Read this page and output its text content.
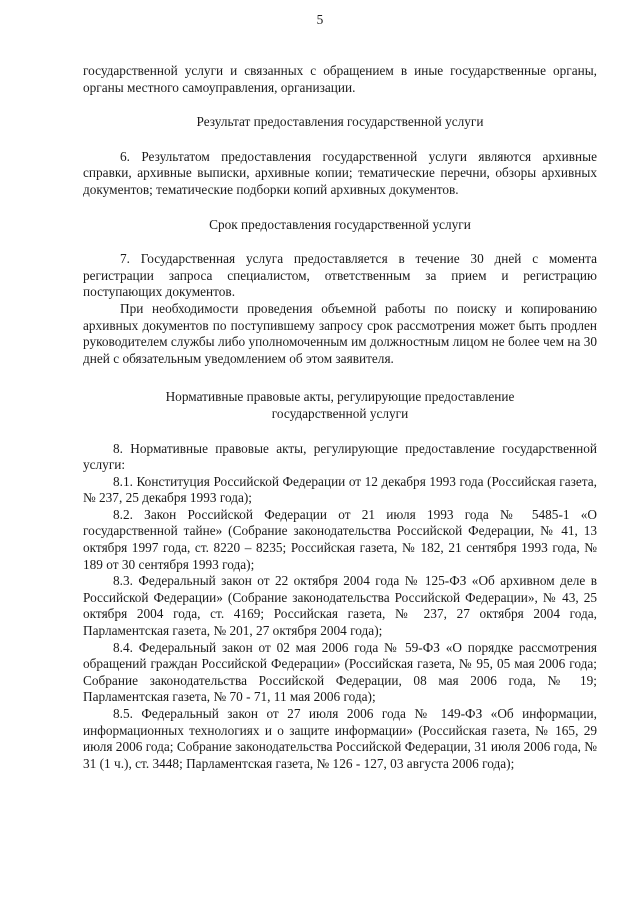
5

государственной услуги и связанных с обращением в иные государственные органы, органы местного самоуправления, организации.

Результат предоставления государственной услуги

6. Результатом предоставления государственной услуги являются архивные справки, архивные выписки, архивные копии; тематические перечни, обзоры архивных документов; тематические подборки копий архивных документов.

Срок предоставления государственной услуги

7. Государственная услуга предоставляется в течение 30 дней с момента регистрации запроса специалистом, ответственным за прием и регистрацию поступающих документов.

При необходимости проведения объемной работы по поиску и копированию архивных документов по поступившему запросу срок рассмотрения может быть продлен руководителем службы либо уполномоченным им должностным лицом не более чем на 30 дней с обязательным уведомлением об этом заявителя.

Нормативные правовые акты, регулирующие предоставление

государственной услуги

8. Нормативные правовые акты, регулирующие предоставление государственной услуги:

8.1. Конституция Российской Федерации от 12 декабря 1993 года (Российская газета, № 237, 25 декабря 1993 года);

8.2. Закон Российской Федерации от 21 июля 1993 года № 5485-1 «О государственной тайне» (Собрание законодательства Российской Федерации, № 41, 13 октября 1997 года, ст. 8220 – 8235; Российская газета, № 182, 21 сентября 1993 года, № 189 от 30 сентября 1993 года);

8.3. Федеральный закон от 22 октября 2004 года № 125-ФЗ «Об архивном деле в Российской Федерации» (Собрание законодательства Российской Федерации», № 43, 25 октября 2004 года, ст. 4169; Российская газета, № 237, 27 октября 2004 года, Парламентская газета, № 201, 27 октября 2004 года);

8.4. Федеральный закон от 02 мая 2006 года № 59-ФЗ «О порядке рассмотрения обращений граждан Российской Федерации» (Российская газета, № 95, 05 мая 2006 года; Собрание законодательства Российской Федерации, 08 мая 2006 года, № 19; Парламентская газета, № 70 - 71, 11 мая 2006 года);

8.5. Федеральный закон от 27 июля 2006 года № 149-ФЗ «Об информации, информационных технологиях и о защите информации» (Российская газета, № 165, 29 июля 2006 года; Собрание законодательства Российской Федерации, 31 июля 2006 года, № 31 (1 ч.), ст. 3448; Парламентская газета, № 126 - 127, 03 августа 2006 года);
